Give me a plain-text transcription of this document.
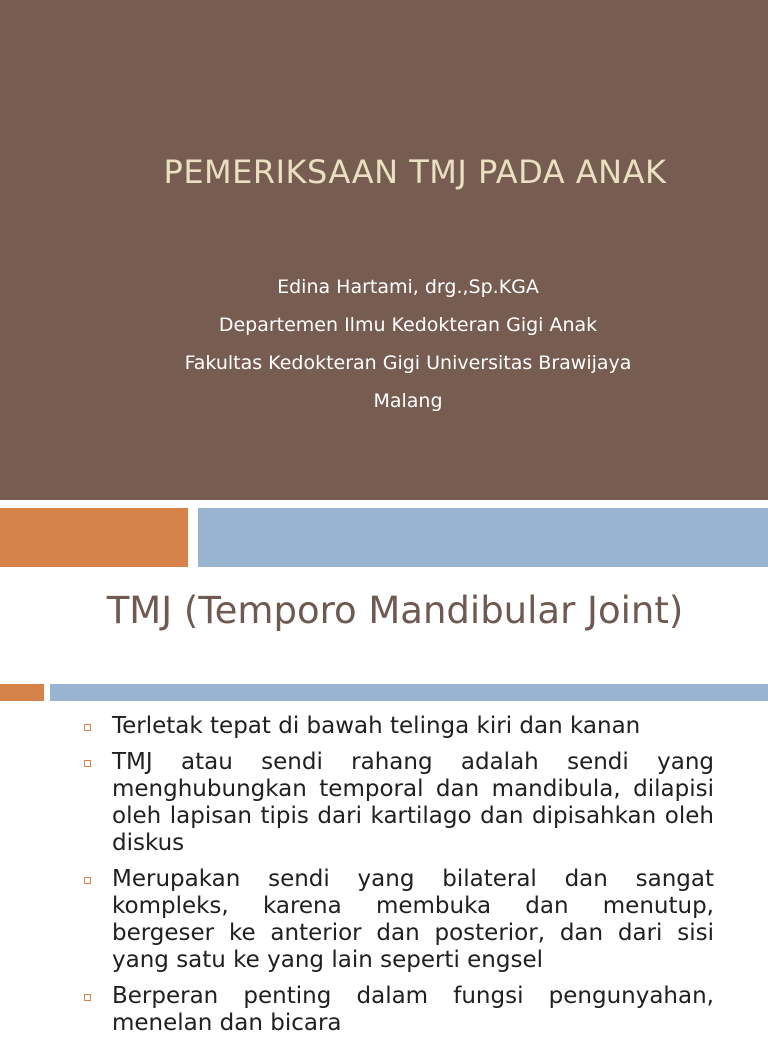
PEMERIKSAAN TMJ PADA ANAK
Edina Hartami, drg.,Sp.KGA
Departemen Ilmu Kedokteran Gigi Anak
Fakultas Kedokteran Gigi Universitas Brawijaya
Malang
TMJ (Temporo Mandibular Joint)
Terletak tepat di bawah telinga kiri dan kanan
TMJ atau sendi rahang adalah sendi yang menghubungkan temporal dan mandibula, dilapisi oleh lapisan tipis dari kartilago dan dipisahkan oleh diskus
Merupakan sendi yang bilateral dan sangat kompleks, karena membuka dan menutup, bergeser ke anterior dan posterior, dan dari sisi yang satu ke yang lain seperti engsel
Berperan penting dalam fungsi pengunyahan, menelan dan bicara
